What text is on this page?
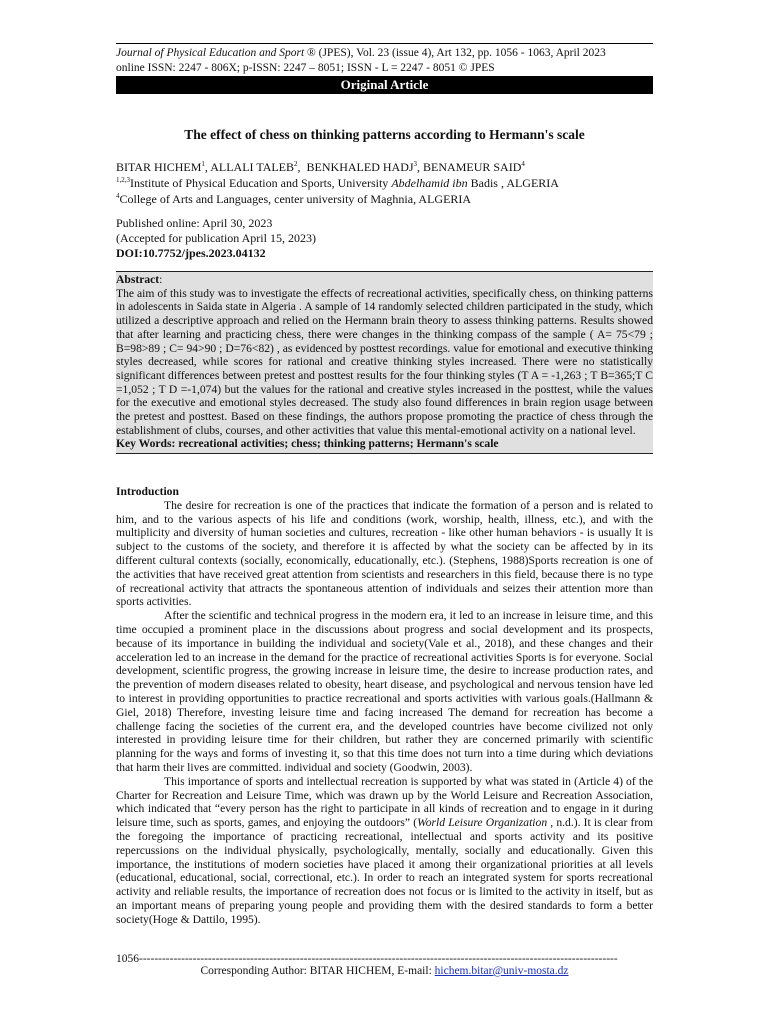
Journal of Physical Education and Sport ® (JPES), Vol. 23 (issue 4), Art 132, pp. 1056 - 1063, April 2023
online ISSN: 2247 - 806X; p-ISSN: 2247 – 8051; ISSN - L = 2247 - 8051 © JPES
Original Article
The effect of chess on thinking patterns according to Hermann's scale
BITAR HICHEM$^1$, ALLALI TALEB$^2$,  BENKHALED HADJ$^3$, BENAMEUR SAID$^4$
$^{1,2,3}$Institute of Physical Education and Sports, University Abdelhamid ibn Badis , ALGERIA
$^4$College of Arts and Languages, center university of Maghnia, ALGERIA
Published online: April 30, 2023
(Accepted for publication April 15, 2023)
DOI:10.7752/jpes.2023.04132
Abstract:
The aim of this study was to investigate the effects of recreational activities, specifically chess, on thinking patterns in adolescents in Saida state in Algeria . A sample of 14 randomly selected children participated in the study, which utilized a descriptive approach and relied on the Hermann brain theory to assess thinking patterns. Results showed that after learning and practicing chess, there were changes in the thinking compass of the sample ( A= 75<79 ; B=98>89 ; C= 94>90 ; D=76<82) , as evidenced by posttest recordings. value for emotional and executive thinking styles decreased, while scores for rational and creative thinking styles increased. There were no statistically significant differences between pretest and posttest results for the four thinking styles (T A = -1,263 ; T B=365;T C =1,052 ; T D =-1,074) but the values for the rational and creative styles increased in the posttest, while the values for the executive and emotional styles decreased. The study also found differences in brain region usage between the pretest and posttest. Based on these findings, the authors propose promoting the practice of chess through the establishment of clubs, courses, and other activities that value this mental-emotional activity on a national level.
Key Words: recreational activities; chess; thinking patterns; Hermann's scale
Introduction

The desire for recreation is one of the practices that indicate the formation of a person and is related to him, and to the various aspects of his life and conditions (work, worship, health, illness, etc.), and with the multiplicity and diversity of human societies and cultures, recreation - like other human behaviors - is usually It is subject to the customs of the society, and therefore it is affected by what the society can be affected by in its different cultural contexts (socially, economically, educationally, etc.). (Stephens, 1988)Sports recreation is one of the activities that have received great attention from scientists and researchers in this field, because there is no type of recreational activity that attracts the spontaneous attention of individuals and seizes their attention more than sports activities.

After the scientific and technical progress in the modern era, it led to an increase in leisure time, and this time occupied a prominent place in the discussions about progress and social development and its prospects, because of its importance in building the individual and society(Vale et al., 2018), and these changes and their acceleration led to an increase in the demand for the practice of recreational activities Sports is for everyone. Social development, scientific progress, the growing increase in leisure time, the desire to increase production rates, and the prevention of modern diseases related to obesity, heart disease, and psychological and nervous tension have led to interest in providing opportunities to practice recreational and sports activities with various goals.(Hallmann & Giel, 2018) Therefore, investing leisure time and facing increased The demand for recreation has become a challenge facing the societies of the current era, and the developed countries have become civilized not only interested in providing leisure time for their children, but rather they are concerned primarily with scientific planning for the ways and forms of investing it, so that this time does not turn into a time during which deviations that harm their lives are committed. individual and society (Goodwin, 2003).

This importance of sports and intellectual recreation is supported by what was stated in (Article 4) of the Charter for Recreation and Leisure Time, which was drawn up by the World Leisure and Recreation Association, which indicated that “every person has the right to participate in all kinds of recreation and to engage in it during leisure time, such as sports, games, and enjoying the outdoors” (World Leisure Organization , n.d.). It is clear from the foregoing the importance of practicing recreational, intellectual and sports activity and its positive repercussions on the individual physically, psychologically, mentally, socially and educationally. Given this importance, the institutions of modern societies have placed it among their organizational priorities at all levels (educational, educational, social, correctional, etc.). In order to reach an integrated system for sports recreational activity and reliable results, the importance of recreation does not focus or is limited to the activity in itself, but as an important means of preparing young people and providing them with the desired standards to form a better society(Hoge & Dattilo, 1995).

1056-----------------------------------------------------------------------------------------------------------------------------
Corresponding Author: BITAR HICHEM, E-mail: hichem.bitar@univ-mosta.dz
